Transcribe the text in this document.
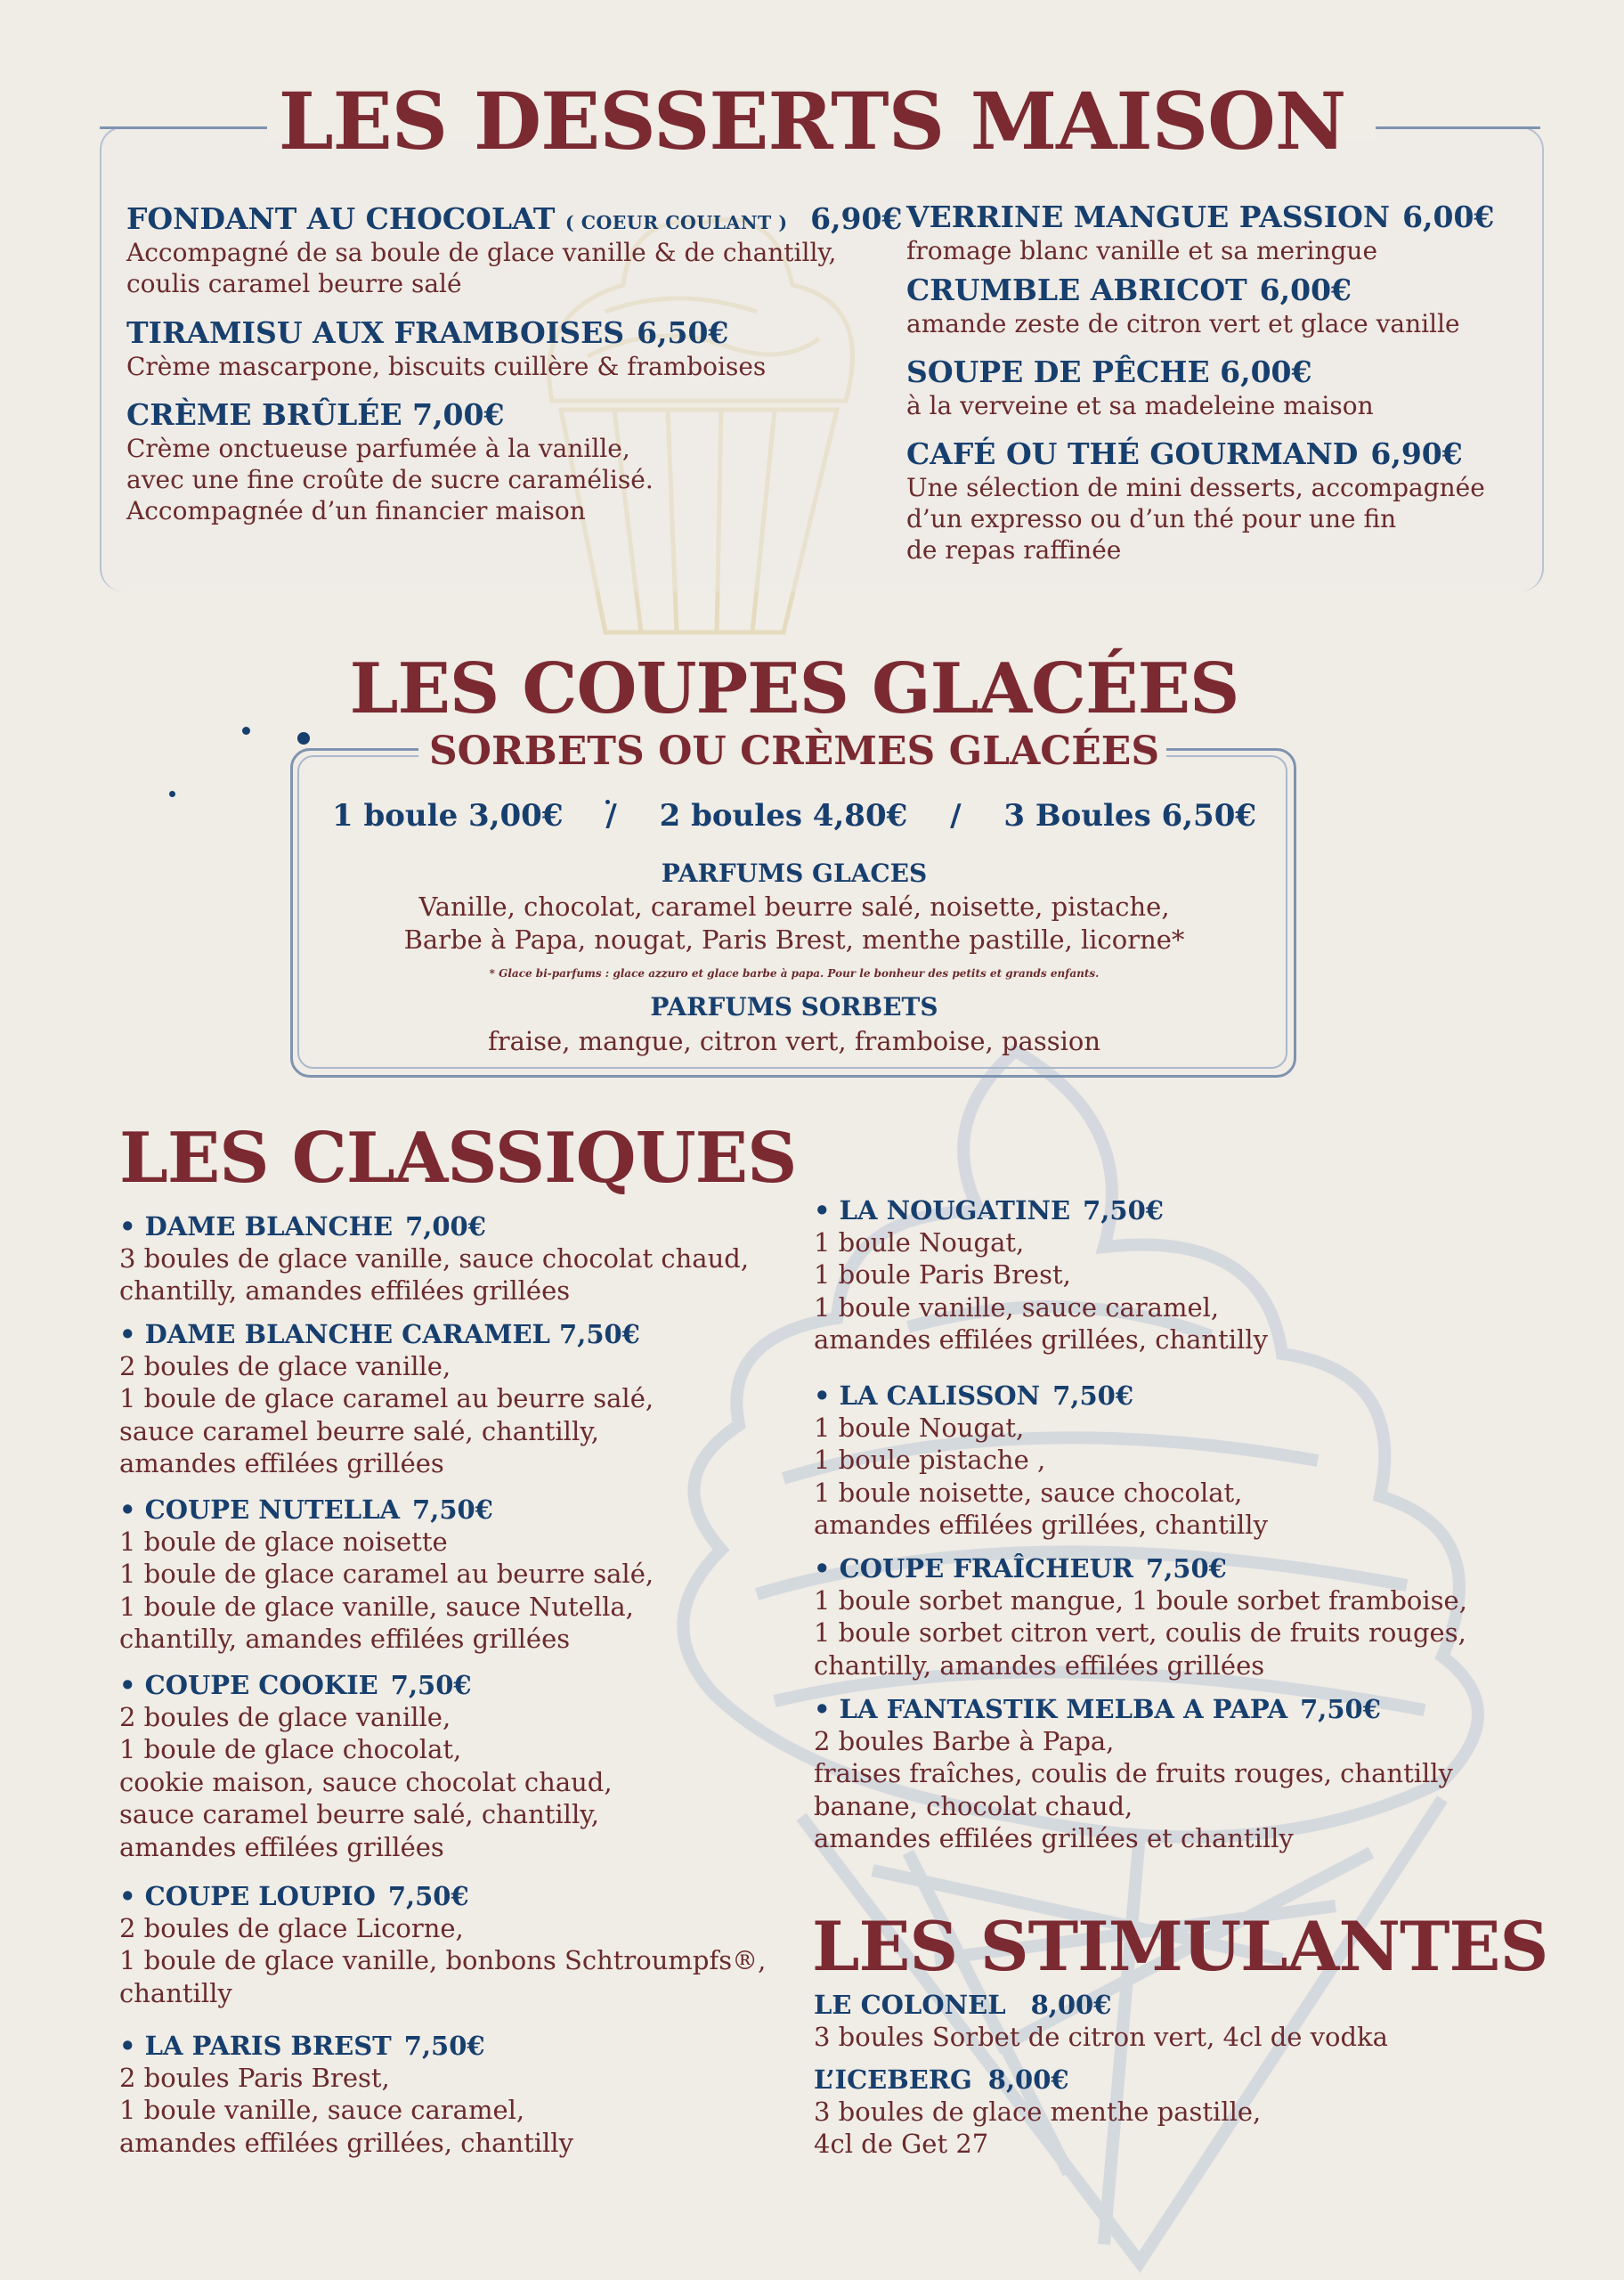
LES DESSERTS MAISON
FONDANT AU CHOCOLAT ( COEUR COULANT ) 6,90€
Accompagné de sa boule de glace vanille & de chantilly,
coulis caramel beurre salé
TIRAMISU AUX FRAMBOISES 6,50€
Crème mascarpone, biscuits cuillère & framboises
CRÈME BRÛLÉE 7,00€
Crème onctueuse parfumée à la vanille,
avec une fine croûte de sucre caramélisé.
Accompagnée d’un financier maison
VERRINE MANGUE PASSION 6,00€
fromage blanc vanille et sa meringue
CRUMBLE ABRICOT 6,00€
amande zeste de citron vert et glace vanille
SOUPE DE PÊCHE 6,00€
à la verveine et sa madeleine maison
CAFÉ OU THÉ GOURMAND 6,90€
Une sélection de mini desserts, accompagnée
d’un expresso ou d’un thé pour une fin
de repas raffinée
LES COUPES GLACÉES
SORBETS OU CRÈMES GLACÉES
1 boule 3,00€ / 2 boules 4,80€ / 3 Boules 6,50€
PARFUMS GLACES
Vanille, chocolat, caramel beurre salé, noisette, pistache,
Barbe à Papa, nougat, Paris Brest, menthe pastille, licorne*
* Glace bi-parfums : glace azzuro et glace barbe à papa. Pour le bonheur des petits et grands enfants.
PARFUMS SORBETS
fraise, mangue, citron vert, framboise, passion
LES CLASSIQUES
• DAME BLANCHE 7,00€
3 boules de glace vanille, sauce chocolat chaud,
chantilly, amandes effilées grillées
• DAME BLANCHE CARAMEL 7,50€
2 boules de glace vanille,
1 boule de glace caramel au beurre salé,
sauce caramel beurre salé, chantilly,
amandes effilées grillées
• COUPE NUTELLA 7,50€
1 boule de glace noisette
1 boule de glace caramel au beurre salé,
1 boule de glace vanille, sauce Nutella,
chantilly, amandes effilées grillées
• COUPE COOKIE 7,50€
2 boules de glace vanille,
1 boule de glace chocolat,
cookie maison, sauce chocolat chaud,
sauce caramel beurre salé, chantilly,
amandes effilées grillées
• COUPE LOUPIO 7,50€
2 boules de glace Licorne,
1 boule de glace vanille, bonbons Schtroumpfs®,
chantilly
• LA PARIS BREST 7,50€
2 boules Paris Brest,
1 boule vanille, sauce caramel,
amandes effilées grillées, chantilly
• LA NOUGATINE 7,50€
1 boule Nougat,
1 boule Paris Brest,
1 boule vanille, sauce caramel,
amandes effilées grillées, chantilly
• LA CALISSON 7,50€
1 boule Nougat,
1 boule pistache ,
1 boule noisette, sauce chocolat,
amandes effilées grillées, chantilly
• COUPE FRAÎCHEUR 7,50€
1 boule sorbet mangue, 1 boule sorbet framboise,
1 boule sorbet citron vert, coulis de fruits rouges,
chantilly, amandes effilées grillées
• LA FANTASTIK MELBA A PAPA 7,50€
2 boules Barbe à Papa,
fraises fraîches, coulis de fruits rouges, chantilly
banane, chocolat chaud,
amandes effilées grillées et chantilly
LES STIMULANTES
LE COLONEL 8,00€
3 boules Sorbet de citron vert, 4cl de vodka
L’ICEBERG 8,00€
3 boules de glace menthe pastille,
4cl de Get 27
